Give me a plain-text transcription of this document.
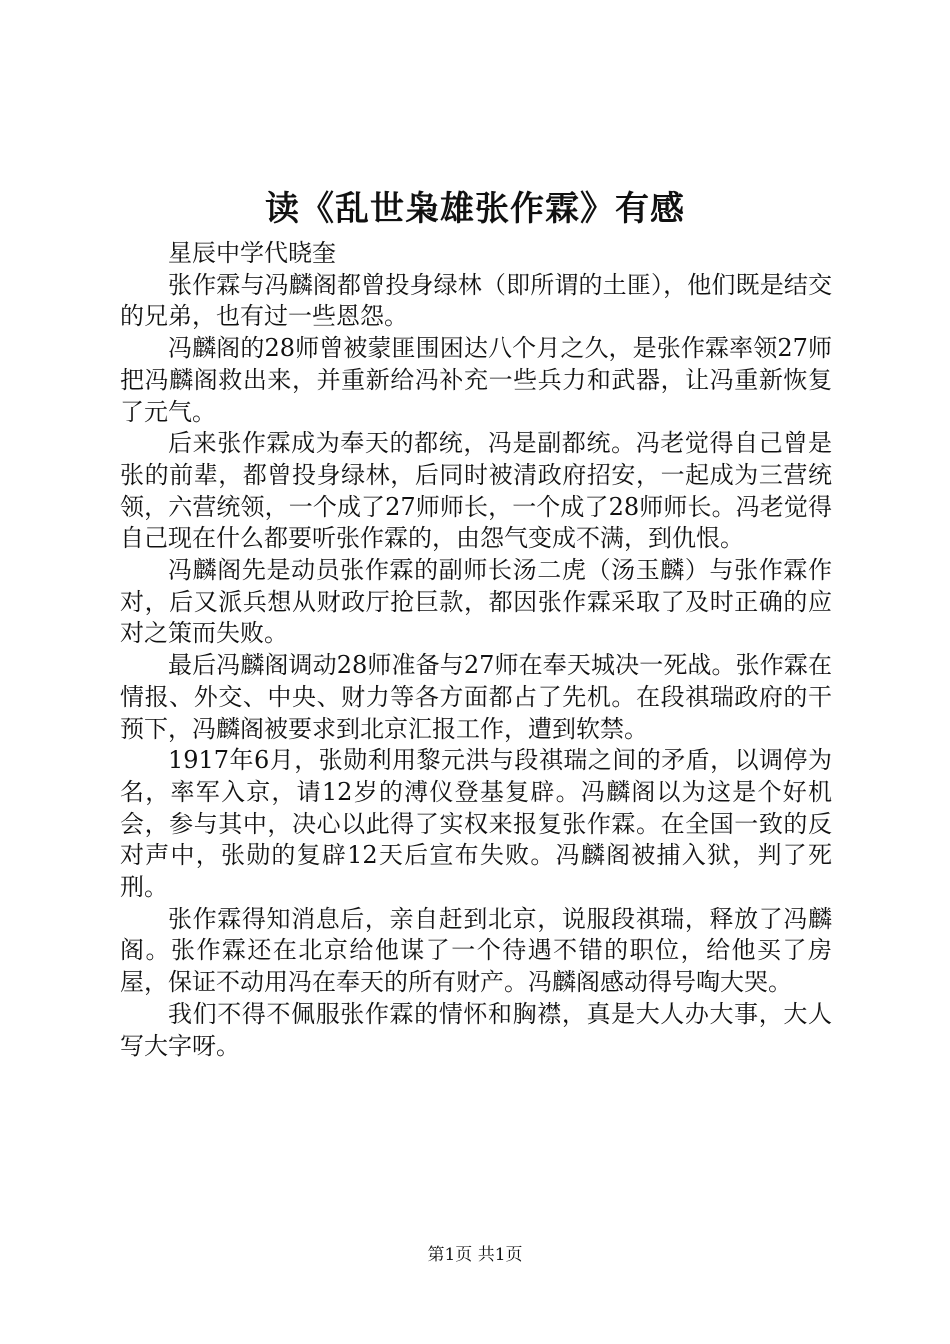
读《乱世枭雄张作霖》有感

星辰中学代晓奎

张作霖与冯麟阁都曾投身绿林（即所谓的土匪），他们既是结交的兄弟，也有过一些恩怨。

冯麟阁的28师曾被蒙匪围困达八个月之久，是张作霖率领27师把冯麟阁救出来，并重新给冯补充一些兵力和武器，让冯重新恢复了元气。

后来张作霖成为奉天的都统，冯是副都统。冯老觉得自己曾是张的前辈，都曾投身绿林，后同时被清政府招安，一起成为三营统领，六营统领，一个成了27师师长，一个成了28师师长。冯老觉得自己现在什么都要听张作霖的，由怨气变成不满，到仇恨。

冯麟阁先是动员张作霖的副师长汤二虎（汤玉麟）与张作霖作对，后又派兵想从财政厅抢巨款，都因张作霖采取了及时正确的应对之策而失败。

最后冯麟阁调动28师准备与27师在奉天城决一死战。张作霖在情报、外交、中央、财力等各方面都占了先机。在段祺瑞政府的干预下，冯麟阁被要求到北京汇报工作，遭到软禁。

1917年6月，张勋利用黎元洪与段祺瑞之间的矛盾，以调停为名，率军入京，请12岁的溥仪登基复辟。冯麟阁以为这是个好机会，参与其中，决心以此得了实权来报复张作霖。在全国一致的反对声中，张勋的复辟12天后宣布失败。冯麟阁被捕入狱，判了死刑。

张作霖得知消息后，亲自赶到北京，说服段祺瑞，释放了冯麟阁。张作霖还在北京给他谋了一个待遇不错的职位，给他买了房屋，保证不动用冯在奉天的所有财产。冯麟阁感动得号啕大哭。

我们不得不佩服张作霖的情怀和胸襟，真是大人办大事，大人写大字呀。

第1页 共1页
